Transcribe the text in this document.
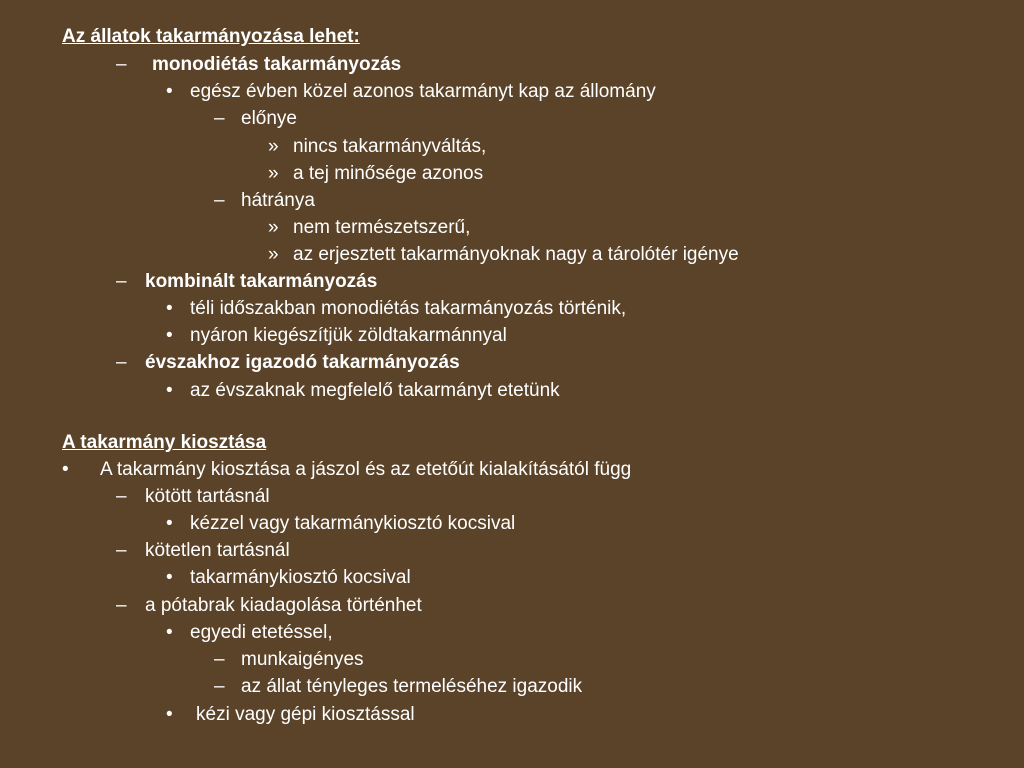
Az állatok takarmányozása lehet:
– monodiétás takarmányozás
• egész évben közel azonos takarmányt kap az állomány
– előnye
» nincs takarmányváltás,
» a tej minősége azonos
– hátránya
» nem természetszerű,
» az erjesztett takarmányoknak nagy a tárolótér igénye
– kombinált takarmányozás
• téli időszakban monodiétás takarmányozás történik,
• nyáron kiegészítjük zöldtakarmánnyal
– évszakhoz igazodó takarmányozás
• az évszaknak megfelelő takarmányt etetünk
A takarmány kiosztása
• A takarmány kiosztása a jászol és az etetőút kialakításától függ
– kötött tartásnál
• kézzel vagy takarmánykiosztó kocsival
– kötetlen tartásnál
• takarmánykiosztó kocsival
– a pótabrak kiadagolása történhet
• egyedi etetéssel,
– munkaigényes
– az állat tényleges termeléséhez igazodik
• kézi vagy gépi kiosztással
